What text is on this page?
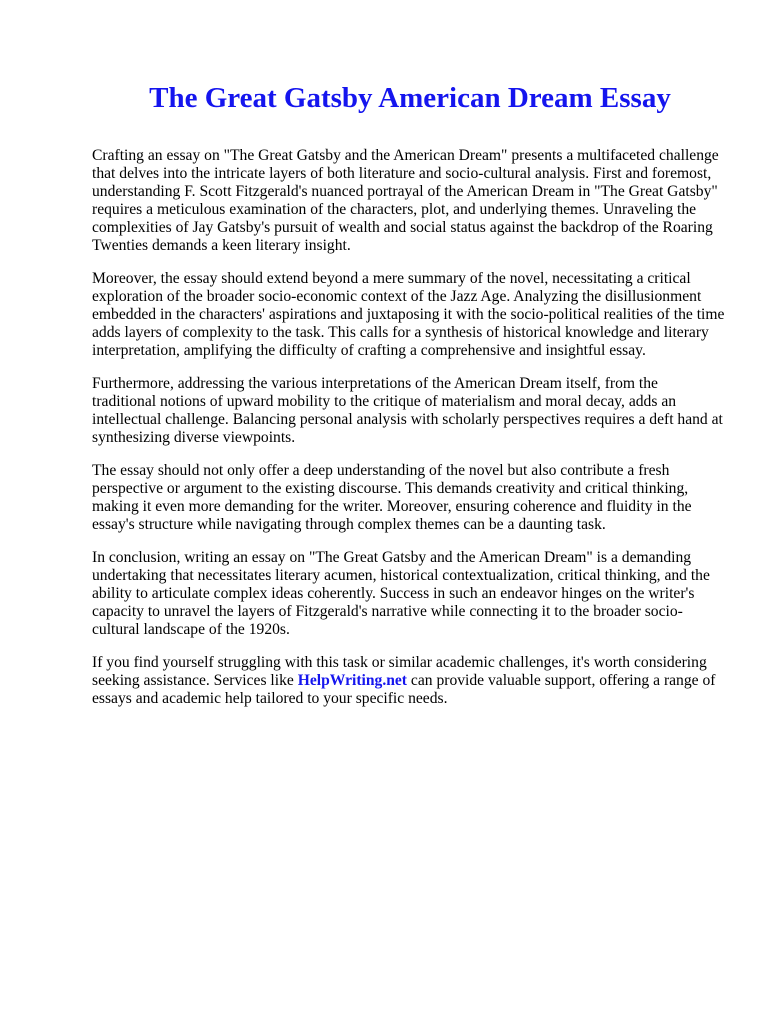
The Great Gatsby American Dream Essay

Crafting an essay on "The Great Gatsby and the American Dream" presents a multifaceted challenge
that delves into the intricate layers of both literature and socio-cultural analysis. First and foremost,
understanding F. Scott Fitzgerald's nuanced portrayal of the American Dream in "The Great Gatsby"
requires a meticulous examination of the characters, plot, and underlying themes. Unraveling the
complexities of Jay Gatsby's pursuit of wealth and social status against the backdrop of the Roaring
Twenties demands a keen literary insight.

Moreover, the essay should extend beyond a mere summary of the novel, necessitating a critical
exploration of the broader socio-economic context of the Jazz Age. Analyzing the disillusionment
embedded in the characters' aspirations and juxtaposing it with the socio-political realities of the time
adds layers of complexity to the task. This calls for a synthesis of historical knowledge and literary
interpretation, amplifying the difficulty of crafting a comprehensive and insightful essay.

Furthermore, addressing the various interpretations of the American Dream itself, from the
traditional notions of upward mobility to the critique of materialism and moral decay, adds an
intellectual challenge. Balancing personal analysis with scholarly perspectives requires a deft hand at
synthesizing diverse viewpoints.

The essay should not only offer a deep understanding of the novel but also contribute a fresh
perspective or argument to the existing discourse. This demands creativity and critical thinking,
making it even more demanding for the writer. Moreover, ensuring coherence and fluidity in the
essay's structure while navigating through complex themes can be a daunting task.

In conclusion, writing an essay on "The Great Gatsby and the American Dream" is a demanding
undertaking that necessitates literary acumen, historical contextualization, critical thinking, and the
ability to articulate complex ideas coherently. Success in such an endeavor hinges on the writer's
capacity to unravel the layers of Fitzgerald's narrative while connecting it to the broader socio-
cultural landscape of the 1920s.

If you find yourself struggling with this task or similar academic challenges, it's worth considering
seeking assistance. Services like HelpWriting.net can provide valuable support, offering a range of
essays and academic help tailored to your specific needs.
